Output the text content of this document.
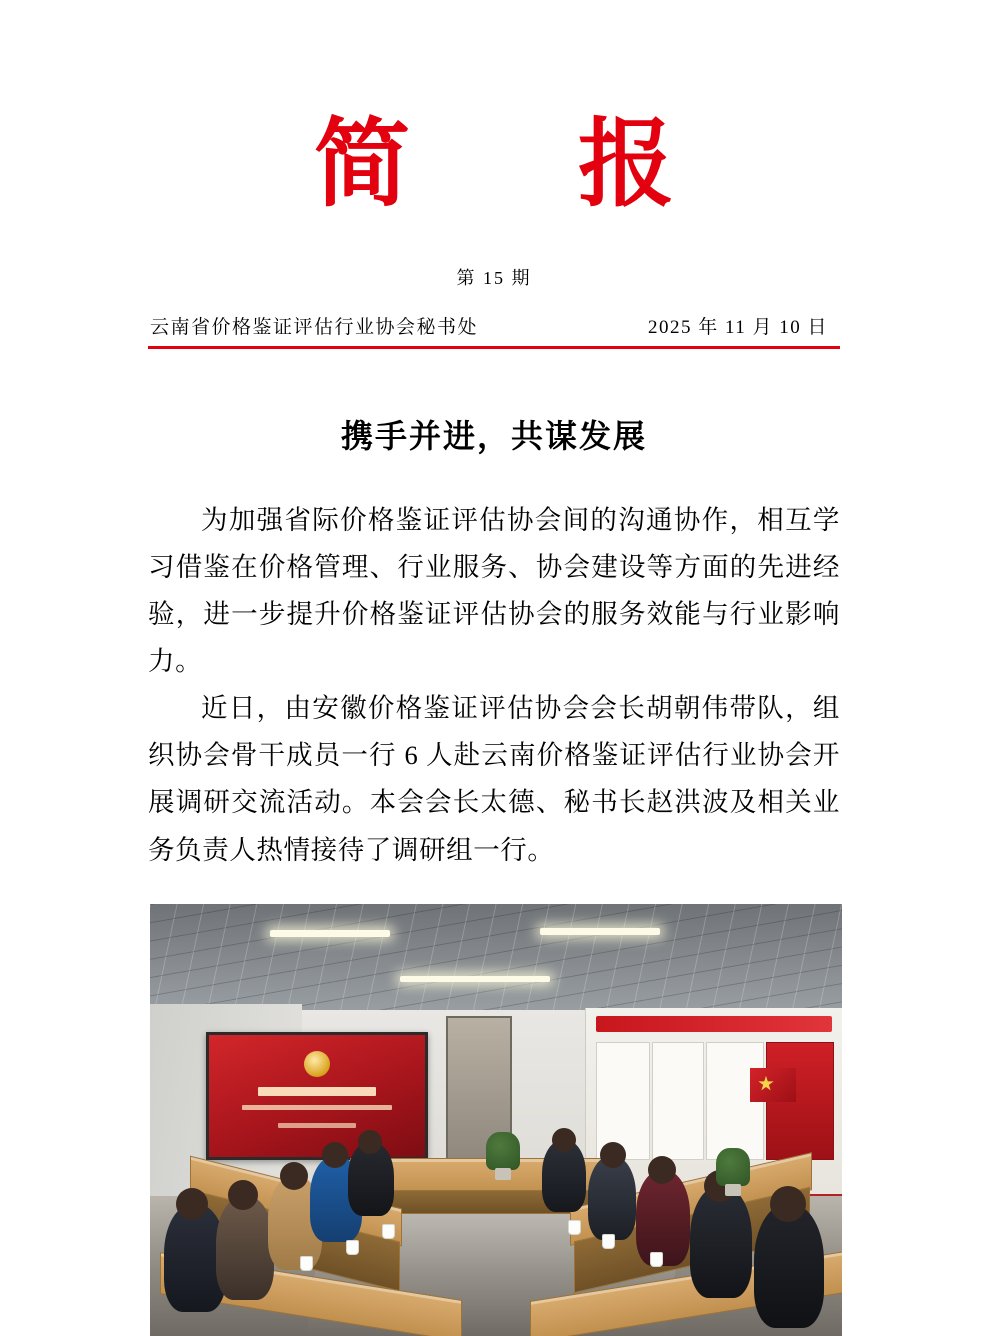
简　报
第 15 期
云南省价格鉴证评估行业协会秘书处	2025 年 11 月 10 日
携手并进，共谋发展

为加强省际价格鉴证评估协会间的沟通协作，相互学习借鉴在价格管理、行业服务、协会建设等方面的先进经验，进一步提升价格鉴证评估协会的服务效能与行业影响力。

近日，由安徽价格鉴证评估协会会长胡朝伟带队，组织协会骨干成员一行 6 人赴云南价格鉴证评估行业协会开展调研交流活动。本会会长太德、秘书长赵洪波及相关业务负责人热情接待了调研组一行。
